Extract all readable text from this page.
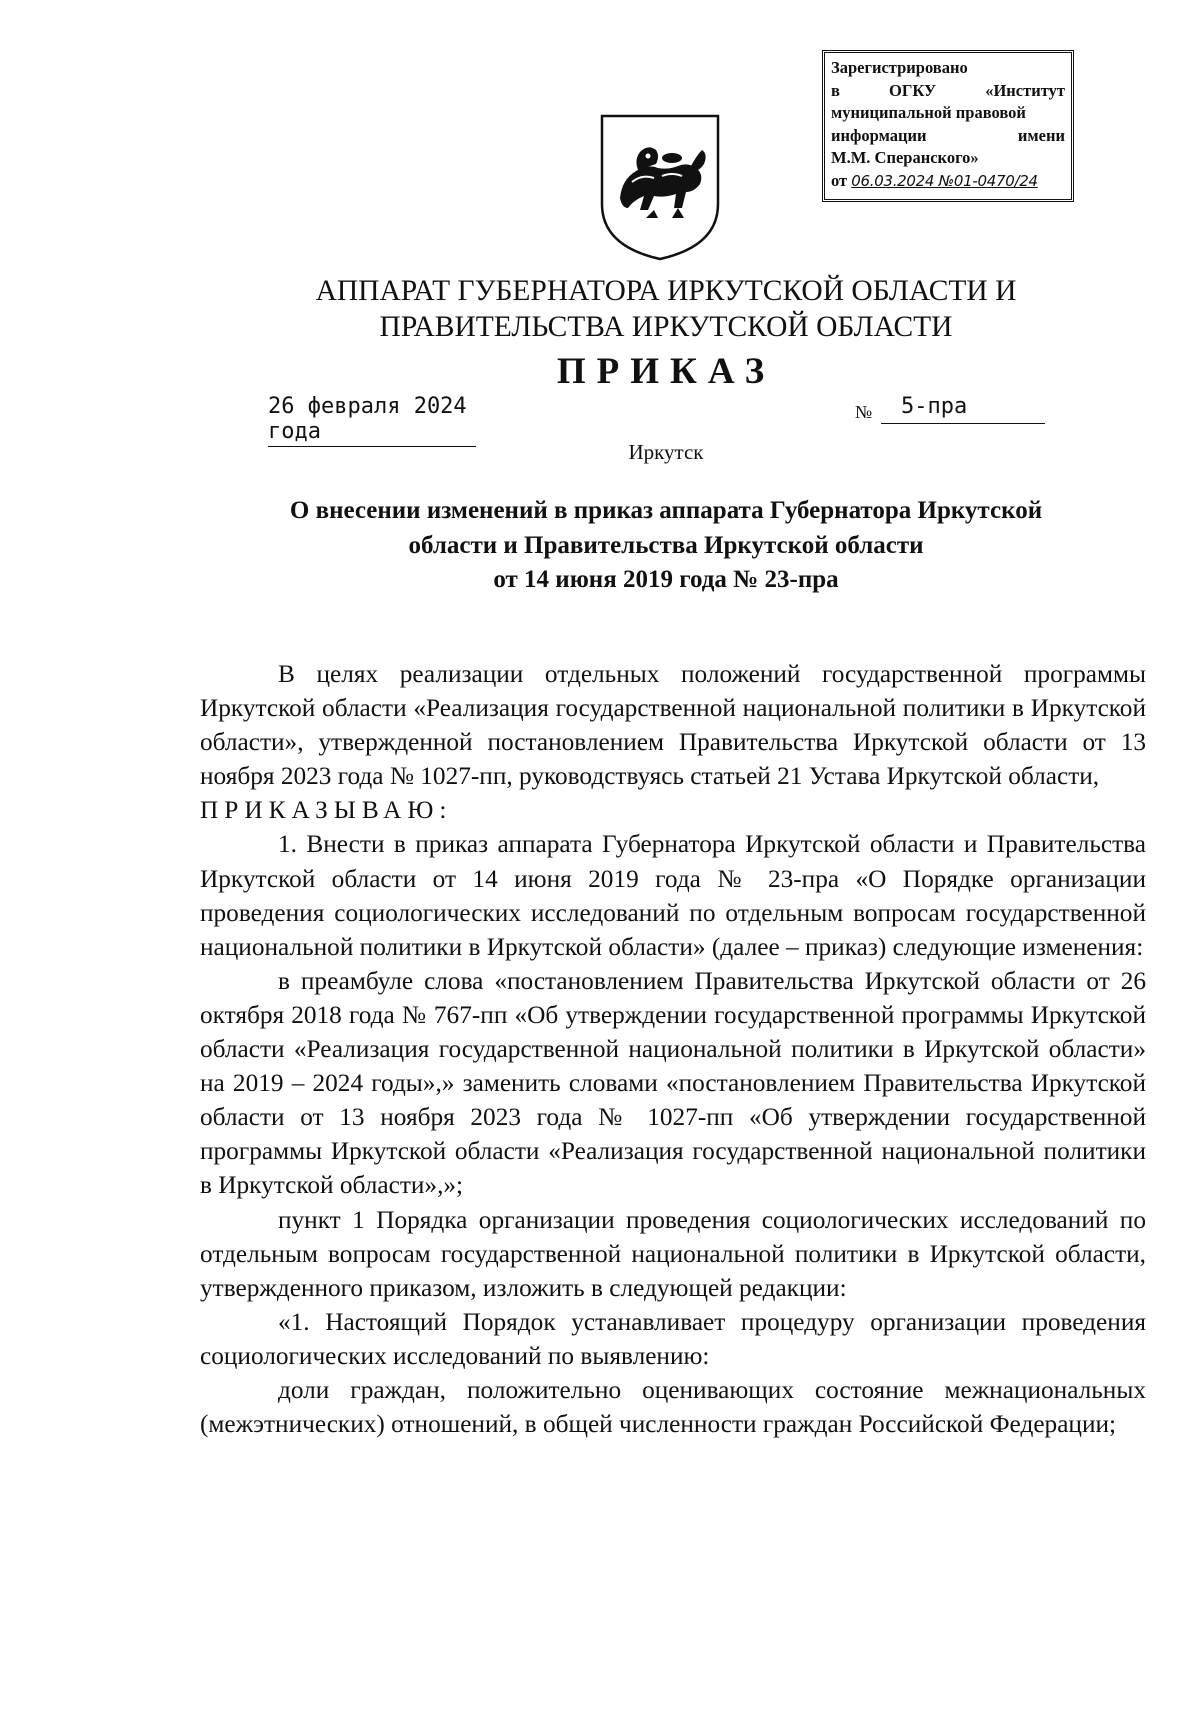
Зарегистрировано
в	ОГКУ	«Институт
муниципальной правовой
информации	имени
М.М. Сперанского»
от 06.03.2024 №01-0470/24
АППАРАТ ГУБЕРНАТОРА ИРКУТСКОЙ ОБЛАСТИ И
ПРАВИТЕЛЬСТВА ИРКУТСКОЙ ОБЛАСТИ
ПРИКАЗ
26 февраля 2024 года
№	5-пра
Иркутск
О внесении изменений в приказ аппарата Губернатора Иркутской
области и Правительства Иркутской области
от 14 июня 2019 года № 23-пра

В целях реализации отдельных положений государственной программы Иркутской области «Реализация государственной национальной политики в Иркутской области», утвержденной постановлением Правительства Иркутской области от 13 ноября 2023 года № 1027-пп, руководствуясь статьей 21 Устава Иркутской области,

ПРИКАЗЫВАЮ:

1. Внести в приказ аппарата Губернатора Иркутской области и Правительства Иркутской области от 14 июня 2019 года № 23-пра «О Порядке организации проведения социологических исследований по отдельным вопросам государственной национальной политики в Иркутской области» (далее – приказ) следующие изменения:

в преамбуле слова «постановлением Правительства Иркутской области от 26 октября 2018 года № 767-пп «Об утверждении государственной программы Иркутской области «Реализация государственной национальной политики в Иркутской области» на 2019 – 2024 годы»,» заменить словами «постановлением Правительства Иркутской области от 13 ноября 2023 года № 1027-пп «Об утверждении государственной программы Иркутской области «Реализация государственной национальной политики в Иркутской области»,»;

пункт 1 Порядка организации проведения социологических исследований по отдельным вопросам государственной национальной политики в Иркутской области, утвержденного приказом, изложить в следующей редакции:

«1. Настоящий Порядок устанавливает процедуру организации проведения социологических исследований по выявлению:

доли граждан, положительно оценивающих состояние межнациональных (межэтнических) отношений, в общей численности граждан Российской Федерации;
